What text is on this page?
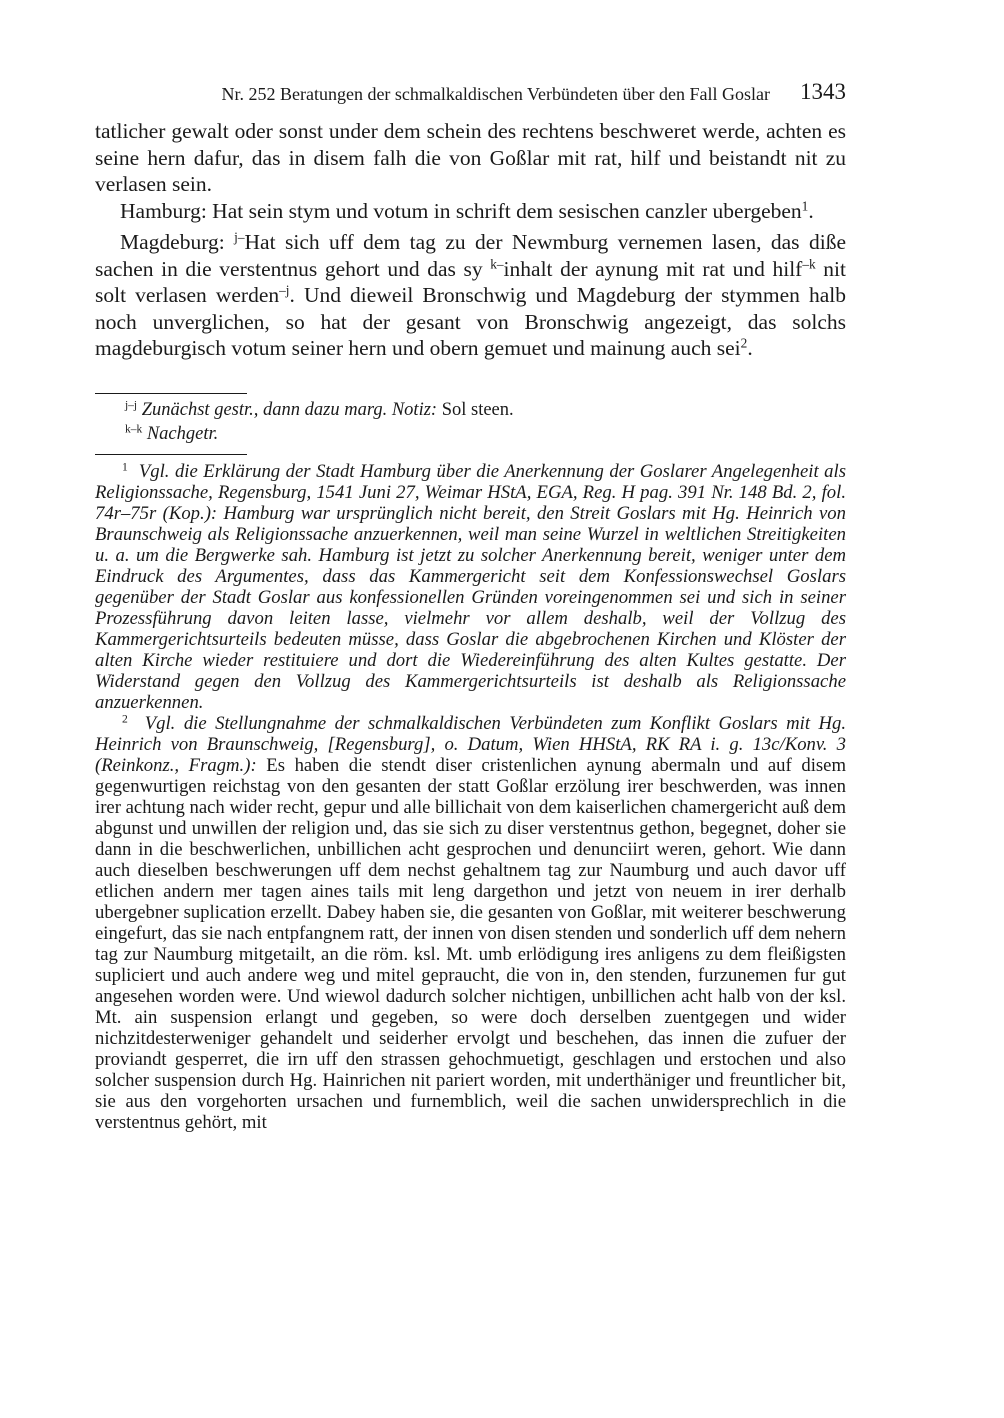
Nr. 252 Beratungen der schmalkaldischen Verbündeten über den Fall Goslar 1343

tatlicher gewalt oder sonst under dem schein des rechtens beschweret werde, achten es seine hern dafur, das in disem falh die von Goßlar mit rat, hilf und beistandt nit zu verlasen sein.

Hamburg: Hat sein stym und votum in schrift dem sesischen canzler ubergeben$^1$.

Magdeburg: $^{j-}$Hat sich uff dem tag zu der Newmburg vernemen lasen, das diße sachen in die verstentnus gehort und das sy $^{k-}$inhalt der aynung mit rat und hilf$^{-k}$ nit solt verlasen werden$^{-j}$. Und dieweil Bronschwig und Magdeburg der stymmen halb noch unverglichen, so hat der gesant von Bronschwig angezeigt, das solchs magdeburgisch votum seiner hern und obern gemuet und mainung auch sei$^2$.

$^{j-j}$ Zunächst gestr., dann dazu marg. Notiz: Sol steen.
$^{k-k}$ Nachgetr.

$^1$ Vgl. die Erklärung der Stadt Hamburg über die Anerkennung der Goslarer Angelegenheit als Religionssache, Regensburg, 1541 Juni 27, Weimar HStA, EGA, Reg. H pag. 391 Nr. 148 Bd. 2, fol. 74r–75r (Kop.): Hamburg war ursprünglich nicht bereit, den Streit Goslars mit Hg. Heinrich von Braunschweig als Religionssache anzuerkennen, weil man seine Wurzel in weltlichen Streitigkeiten u. a. um die Bergwerke sah. Hamburg ist jetzt zu solcher Anerkennung bereit, weniger unter dem Eindruck des Argumentes, dass das Kammergericht seit dem Konfessionswechsel Goslars gegenüber der Stadt Goslar aus konfessionellen Gründen voreingenommen sei und sich in seiner Prozessführung davon leiten lasse, vielmehr vor allem deshalb, weil der Vollzug des Kammergerichtsurteils bedeuten müsse, dass Goslar die abgebrochenen Kirchen und Klöster der alten Kirche wieder restituiere und dort die Wiedereinführung des alten Kultes gestatte. Der Widerstand gegen den Vollzug des Kammergerichtsurteils ist deshalb als Religionssache anzuerkennen.

$^2$ Vgl. die Stellungnahme der schmalkaldischen Verbündeten zum Konflikt Goslars mit Hg. Heinrich von Braunschweig, [Regensburg], o. Datum, Wien HHStA, RK RA i. g. 13c/Konv. 3 (Reinkonz., Fragm.): Es haben die stendt diser cristenlichen aynung abermaln und auf disem gegenwurtigen reichstag von den gesanten der statt Goßlar erzölung irer beschwerden, was innen irer achtung nach wider recht, gepur und alle billichait von dem kaiserlichen chamergericht auß dem abgunst und unwillen der religion und, das sie sich zu diser verstentnus gethon, begegnet, doher sie dann in die beschwerlichen, unbillichen acht gesprochen und denunciirt weren, gehort. Wie dann auch dieselben beschwerungen uff dem nechst gehaltnem tag zur Naumburg und auch davor uff etlichen andern mer tagen aines tails mit leng dargethon und jetzt von neuem in irer derhalb ubergebner suplication erzellt. Dabey haben sie, die gesanten von Goßlar, mit weiterer beschwerung eingefurt, das sie nach entpfangnem ratt, der innen von disen stenden und sonderlich uff dem nehern tag zur Naumburg mitgetailt, an die röm. ksl. Mt. umb erlödigung ires anligens zu dem fleißigsten supliciert und auch andere weg und mitel gepraucht, die von in, den stenden, furzunemen fur gut angesehen worden were. Und wiewol dadurch solcher nichtigen, unbillichen acht halb von der ksl. Mt. ain suspension erlangt und gegeben, so were doch derselben zuentgegen und wider nichzitdesterweniger gehandelt und seiderher ervolgt und beschehen, das innen die zufuer der proviandt gesperret, die irn uff den strassen gehochmuetigt, geschlagen und erstochen und also solcher suspension durch Hg. Hainrichen nit pariert worden, mit underthäniger und freuntlicher bit, sie aus den vorgehorten ursachen und furnemblich, weil die sachen unwidersprechlich in die verstentnus gehört, mit
